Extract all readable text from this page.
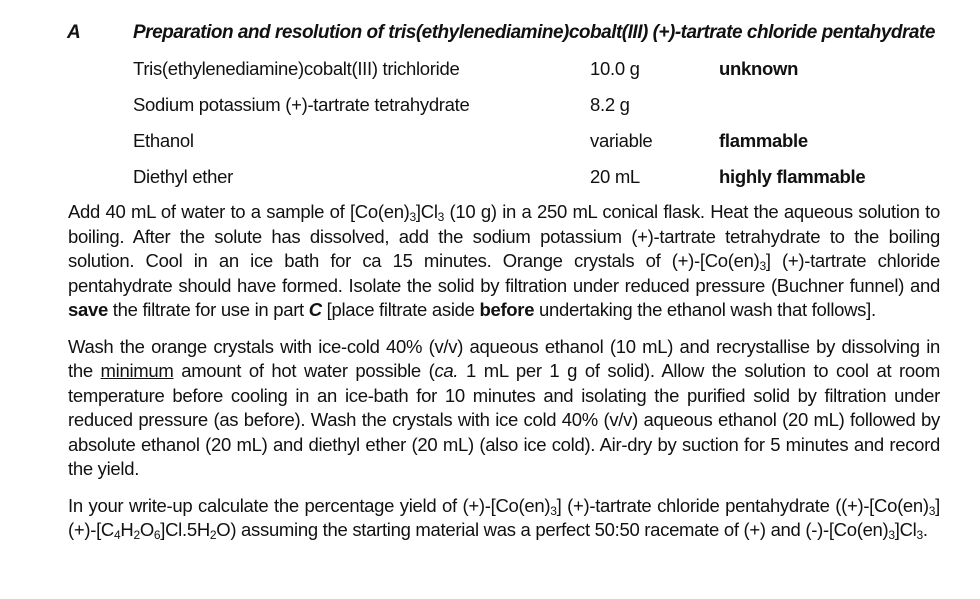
A	Preparation and resolution of tris(ethylenediamine)cobalt(III) (+)-tartrate chloride pentahydrate
Tris(ethylenediamine)cobalt(III) trichloride	10.0 g	unknown
Sodium potassium (+)-tartrate tetrahydrate	8.2 g
Ethanol	variable	flammable
Diethyl ether	20 mL	highly flammable

Add 40 mL of water to a sample of $[Co(en)_3]Cl_3$ (10 g) in a 250 mL conical flask. Heat the aqueous solution to boiling. After the solute has dissolved, add the sodium potassium (+)-tartrate tetrahydrate to the boiling solution. Cool in an ice bath for ca 15 minutes. Orange crystals of $(+)-[Co(en)_3]$ (+)-tartrate chloride pentahydrate should have formed. Isolate the solid by filtration under reduced pressure (Buchner funnel) and save the filtrate for use in part C [place filtrate aside before undertaking the ethanol wash that follows].

Wash the orange crystals with ice-cold 40% (v/v) aqueous ethanol (10 mL) and recrystallise by dissolving in the minimum amount of hot water possible (ca. 1 mL per 1 g of solid). Allow the solution to cool at room temperature before cooling in an ice-bath for 10 minutes and isolating the purified solid by filtration under reduced pressure (as before). Wash the crystals with ice cold 40% (v/v) aqueous ethanol (20 mL) followed by absolute ethanol (20 mL) and diethyl ether (20 mL) (also ice cold). Air-dry by suction for 5 minutes and record the yield.

In your write-up calculate the percentage yield of $(+)-[Co(en)_3]$ (+)-tartrate chloride pentahydrate $((+)-[Co(en)_3](+)-[C_4H_2O_6]Cl.5H_2O)$ assuming the starting material was a perfect 50:50 racemate of (+) and $(-)-[Co(en)_3]Cl_3$.
